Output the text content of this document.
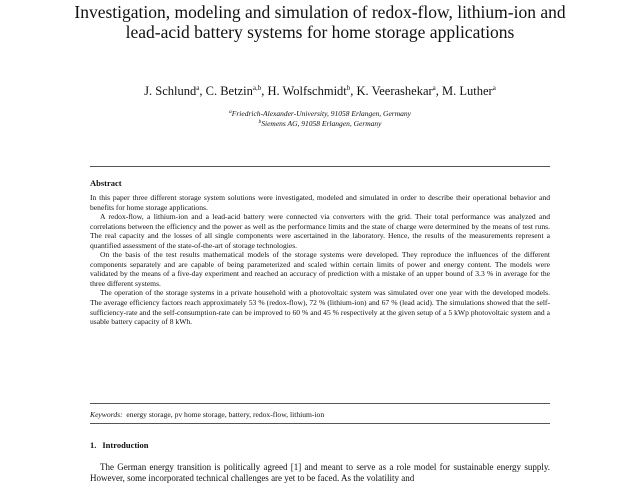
Investigation, modeling and simulation of redox-flow, lithium-ion and lead-acid battery systems for home storage applications
J. Schlund$^a$, C. Betzin$^{a,b}$, H. Wolfschmidt$^b$, K. Veerashekar$^a$, M. Luther$^a$
$^a$Friedrich-Alexander-University, 91058 Erlangen, Germany
$^b$Siemens AG, 91058 Erlangen, Germany
Abstract

In this paper three different storage system solutions were investigated, modeled and simulated in order to describe their operational behavior and benefits for home storage applications.

A redox-flow, a lithium-ion and a lead-acid battery were connected via converters with the grid. Their total performance was analyzed and correlations between the efficiency and the power as well as the performance limits and the state of charge were determined by the means of test runs. The real capacity and the losses of all single components were ascertained in the laboratory. Hence, the results of the measurements represent a quantified assessment of the state-of-the-art of storage technologies.

On the basis of the test results mathematical models of the storage systems were developed. They reproduce the influences of the different components separately and are capable of being parameterized and scaled within certain limits of power and energy content. The models were validated by the means of a five-day experiment and reached an accuracy of prediction with a mistake of an upper bound of 3.3 % in average for the three different systems.

The operation of the storage systems in a private household with a photovoltaic system was simulated over one year with the developed models. The average efficiency factors reach approximately 53 % (redox-flow), 72 % (lithium-ion) and 67 % (lead acid). The simulations showed that the self-sufficiency-rate and the self-consumption-rate can be improved to 60 % and 45 % respectively at the given setup of a 5 kWp photovoltaic system and a usable battery capacity of 8 kWh.

Keywords: energy storage, pv home storage, battery, redox-flow, lithium-ion
1. Introduction
The German energy transition is politically agreed [1] and meant to serve as a role model for sustainable energy supply. However, some incorporated technical challenges are yet to be faced. As the volatility and
